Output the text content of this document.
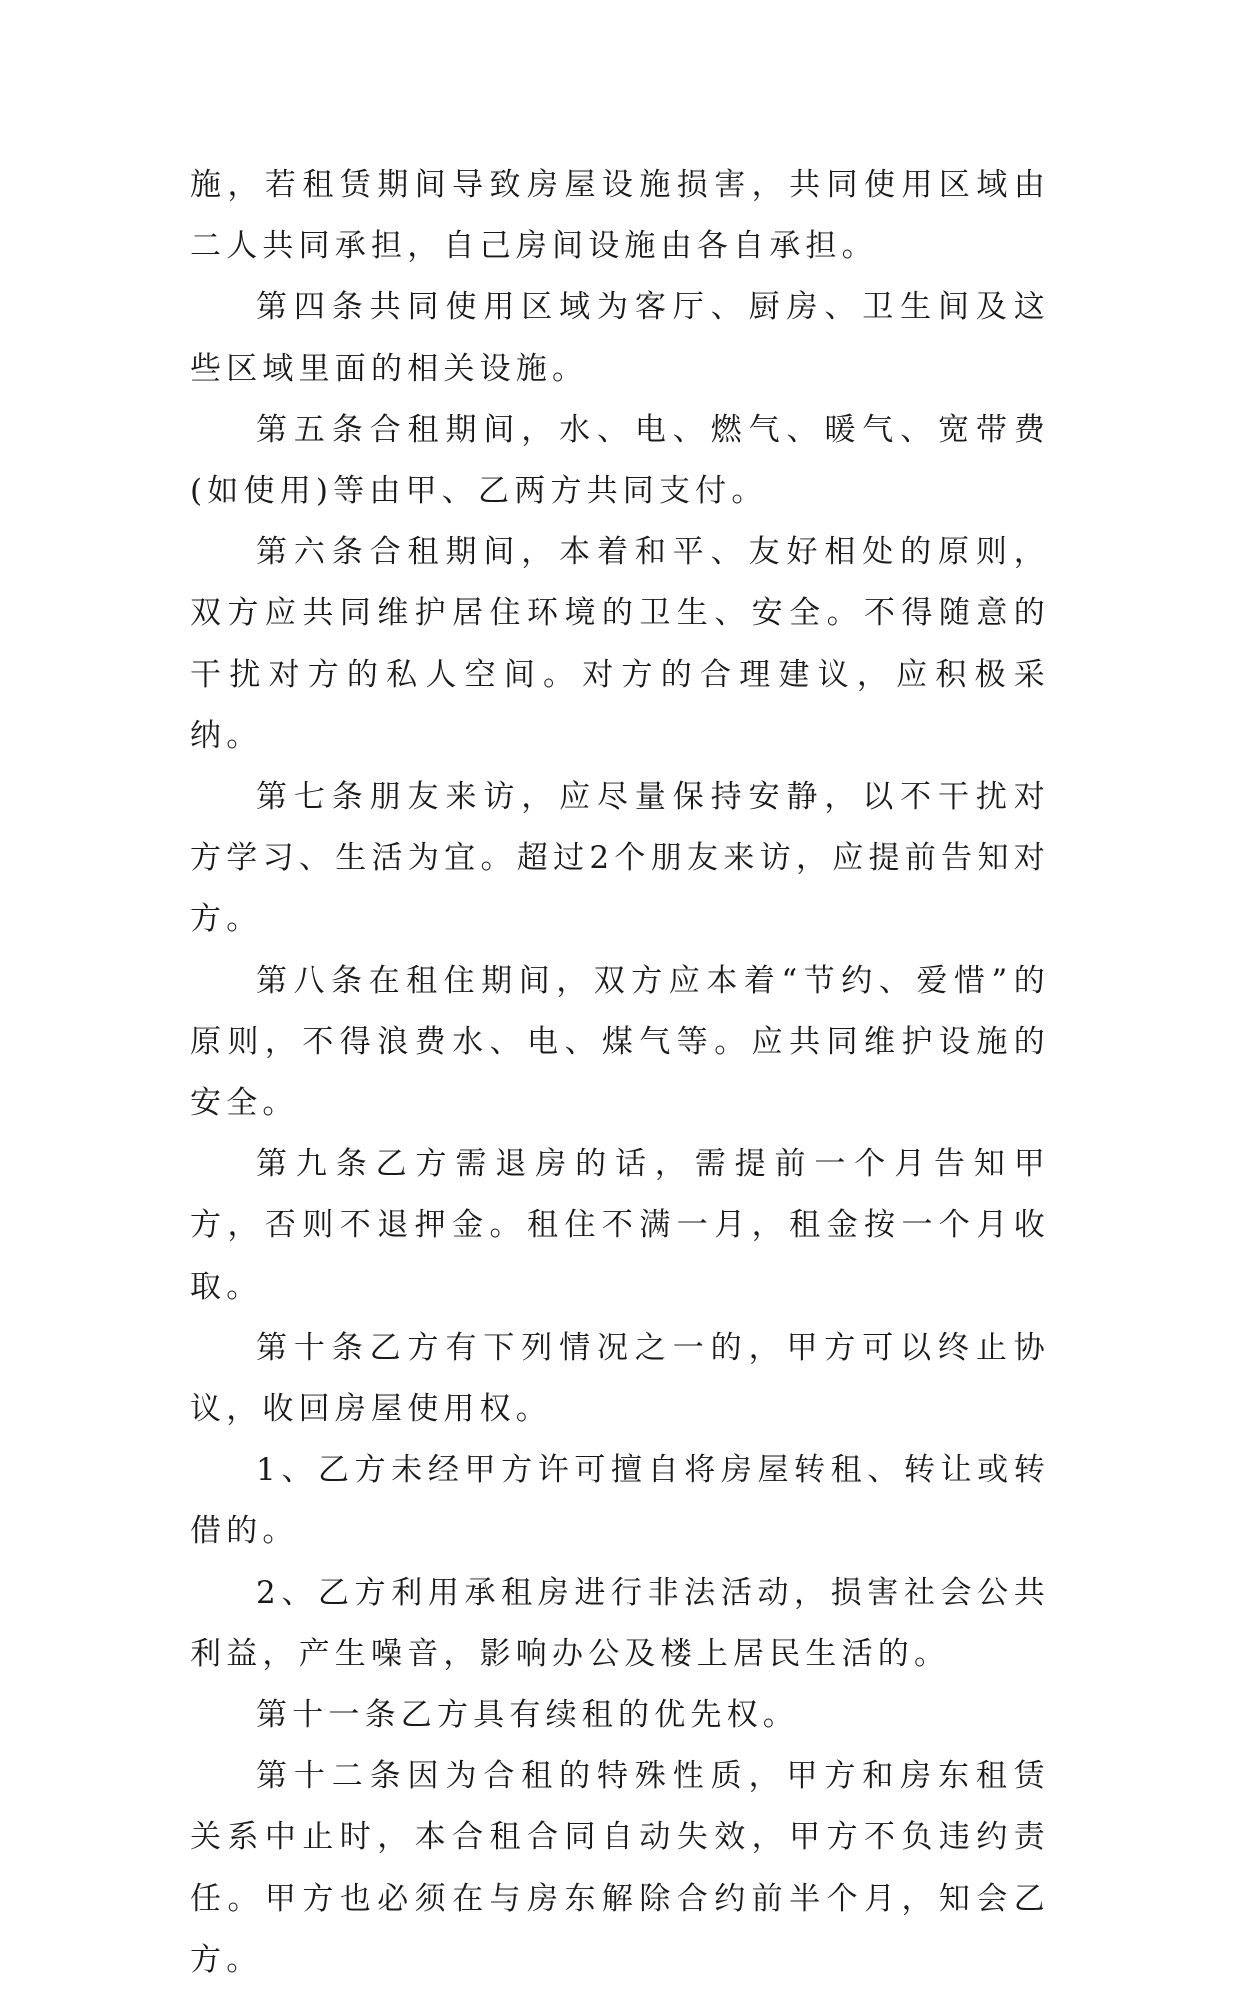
施，若租赁期间导致房屋设施损害，共同使用区域由二人共同承担，自己房间设施由各自承担。

第四条共同使用区域为客厅、厨房、卫生间及这些区域里面的相关设施。

第五条合租期间，水、电、燃气、暖气、宽带费(如使用)等由甲、乙两方共同支付。

第六条合租期间，本着和平、友好相处的原则，双方应共同维护居住环境的卫生、安全。不得随意的干扰对方的私人空间。对方的合理建议，应积极采纳。

第七条朋友来访，应尽量保持安静，以不干扰对方学习、生活为宜。超过2个朋友来访，应提前告知对方。

第八条在租住期间，双方应本着“节约、爱惜”的原则，不得浪费水、电、煤气等。应共同维护设施的安全。

第九条乙方需退房的话，需提前一个月告知甲方，否则不退押金。租住不满一月，租金按一个月收取。

第十条乙方有下列情况之一的，甲方可以终止协议，收回房屋使用权。

1、乙方未经甲方许可擅自将房屋转租、转让或转借的。

2、乙方利用承租房进行非法活动，损害社会公共利益，产生噪音，影响办公及楼上居民生活的。

第十一条乙方具有续租的优先权。

第十二条因为合租的特殊性质，甲方和房东租赁关系中止时，本合租合同自动失效，甲方不负违约责任。甲方也必须在与房东解除合约前半个月，知会乙方。
